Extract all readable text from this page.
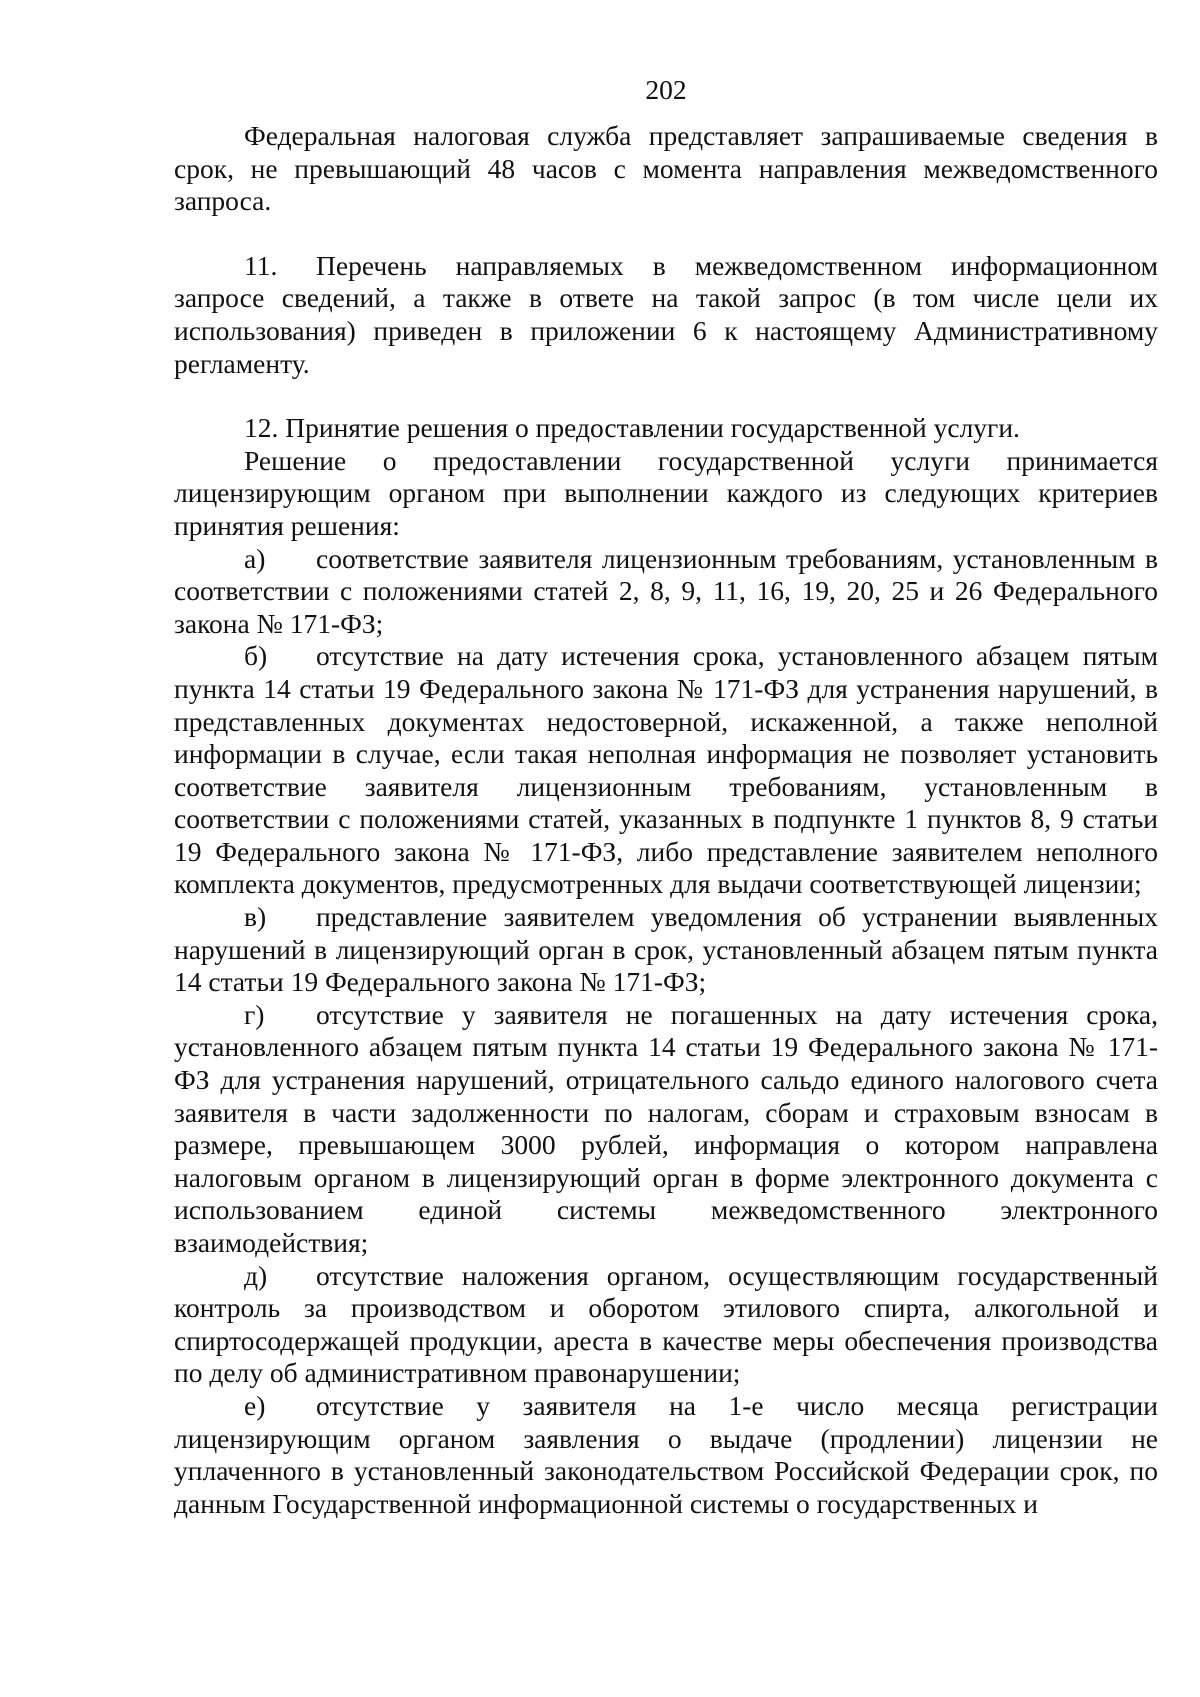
202

Федеральная налоговая служба представляет запрашиваемые сведения в срок, не превышающий 48 часов с момента направления межведомственного запроса.

11. Перечень направляемых в межведомственном информационном запросе сведений, а также в ответе на такой запрос (в том числе цели их использования) приведен в приложении 6 к настоящему Административному регламенту.

12. Принятие решения о предоставлении государственной услуги.

Решение о предоставлении государственной услуги принимается лицензирующим органом при выполнении каждого из следующих критериев принятия решения:

а) соответствие заявителя лицензионным требованиям, установленным в соответствии с положениями статей 2, 8, 9, 11, 16, 19, 20, 25 и 26 Федерального закона № 171-ФЗ;

б) отсутствие на дату истечения срока, установленного абзацем пятым пункта 14 статьи 19 Федерального закона № 171-ФЗ для устранения нарушений, в представленных документах недостоверной, искаженной, а также неполной информации в случае, если такая неполная информация не позволяет установить соответствие заявителя лицензионным требованиям, установленным в соответствии с положениями статей, указанных в подпункте 1 пунктов 8, 9 статьи 19 Федерального закона № 171-ФЗ, либо представление заявителем неполного комплекта документов, предусмотренных для выдачи соответствующей лицензии;

в) представление заявителем уведомления об устранении выявленных нарушений в лицензирующий орган в срок, установленный абзацем пятым пункта 14 статьи 19 Федерального закона № 171-ФЗ;

г) отсутствие у заявителя не погашенных на дату истечения срока, установленного абзацем пятым пункта 14 статьи 19 Федерального закона № 171-ФЗ для устранения нарушений, отрицательного сальдо единого налогового счета заявителя в части задолженности по налогам, сборам и страховым взносам в размере, превышающем 3000 рублей, информация о котором направлена налоговым органом в лицензирующий орган в форме электронного документа с использованием единой системы межведомственного электронного взаимодействия;

д) отсутствие наложения органом, осуществляющим государственный контроль за производством и оборотом этилового спирта, алкогольной и спиртосодержащей продукции, ареста в качестве меры обеспечения производства по делу об административном правонарушении;

е) отсутствие у заявителя на 1-е число месяца регистрации лицензирующим органом заявления о выдаче (продлении) лицензии не уплаченного в установленный законодательством Российской Федерации срок, по данным Государственной информационной системы о государственных и
